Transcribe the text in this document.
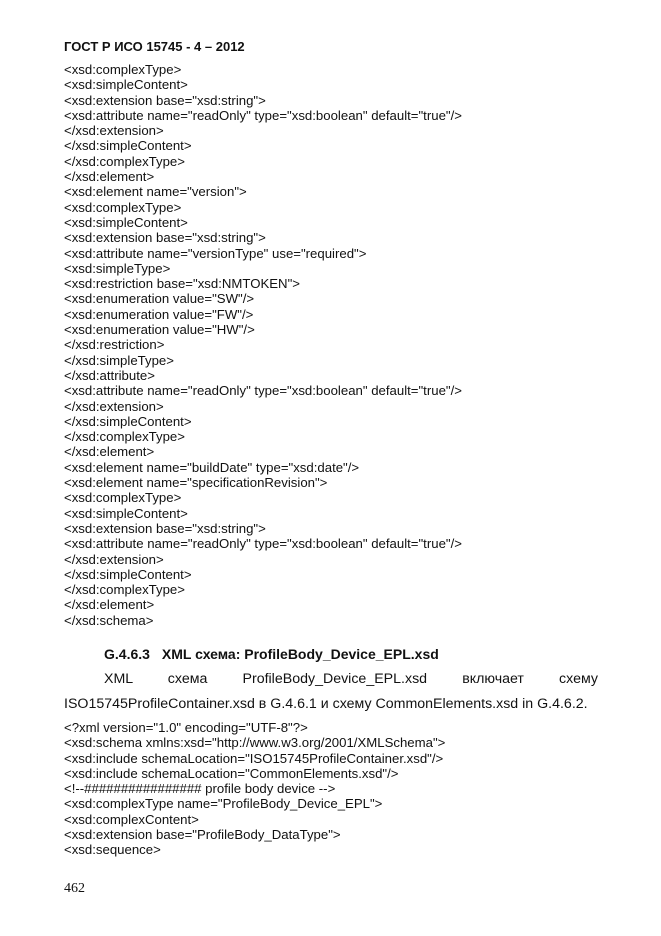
ГОСТ Р ИСО 15745 - 4 – 2012
<xsd:complexType>
<xsd:simpleContent>
<xsd:extension base="xsd:string">
<xsd:attribute name="readOnly" type="xsd:boolean" default="true"/>
</xsd:extension>
</xsd:simpleContent>
</xsd:complexType>
</xsd:element>
<xsd:element name="version">
<xsd:complexType>
<xsd:simpleContent>
<xsd:extension base="xsd:string">
<xsd:attribute name="versionType" use="required">
<xsd:simpleType>
<xsd:restriction base="xsd:NMTOKEN">
<xsd:enumeration value="SW"/>
<xsd:enumeration value="FW"/>
<xsd:enumeration value="HW"/>
</xsd:restriction>
</xsd:simpleType>
</xsd:attribute>
<xsd:attribute name="readOnly" type="xsd:boolean" default="true"/>
</xsd:extension>
</xsd:simpleContent>
</xsd:complexType>
</xsd:element>
<xsd:element name="buildDate" type="xsd:date"/>
<xsd:element name="specificationRevision">
<xsd:complexType>
<xsd:simpleContent>
<xsd:extension base="xsd:string">
<xsd:attribute name="readOnly" type="xsd:boolean" default="true"/>
</xsd:extension>
</xsd:simpleContent>
</xsd:complexType>
</xsd:element>
</xsd:schema>
G.4.6.3 XML схема: ProfileBody_Device_EPL.xsd
XML схема ProfileBody_Device_EPL.xsd включает схему
ISO15745ProfileContainer.xsd в G.4.6.1 и схему CommonElements.xsd in G.4.6.2.
<?xml version="1.0" encoding="UTF-8"?>
<xsd:schema xmlns:xsd="http://www.w3.org/2001/XMLSchema">
<xsd:include schemaLocation="ISO15745ProfileContainer.xsd"/>
<xsd:include schemaLocation="CommonElements.xsd"/>
<!--################ profile body device -->
<xsd:complexType name="ProfileBody_Device_EPL">
<xsd:complexContent>
<xsd:extension base="ProfileBody_DataType">
<xsd:sequence>
462
